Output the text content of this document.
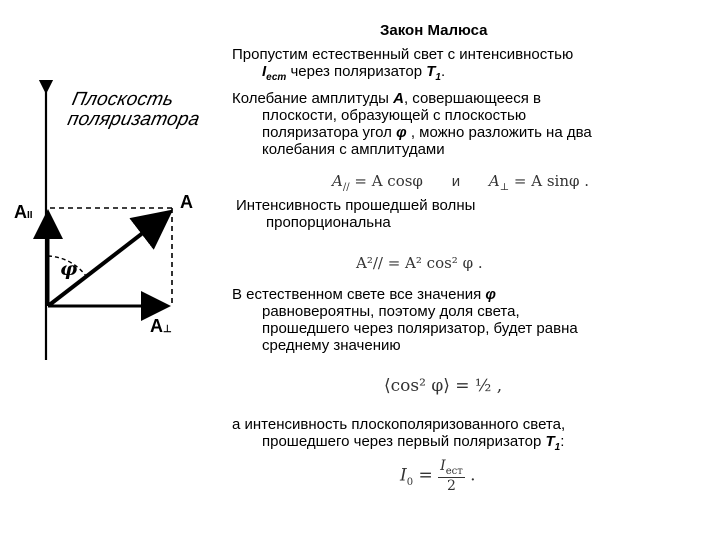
Плоскость
поляризатора
A
AII
A⊥
φ
Закон Малюса
Пропустим естественный свет с интенсивностью

$I_{ест}$ через поляризатор $T_1$.
Колебание амплитуды A, совершающееся в

плоскости, образующей с плоскостью
поляризатора угол φ , можно разложить на два
колебания с амплитудами
$A_{//} = A$ cosφ и $A_\perp = A$ sinφ .
Интенсивность прошедшей волны

пропорциональна
A²// = A² cos² φ .
В естественном свете все значения φ

равновероятны, поэтому доля света,
прошедшего через поляризатор, будет равна
среднему значению
⟨cos² φ⟩ = ½ ,
а интенсивность плоскополяризованного света,

прошедшего через первый поляризатор $T_1$:
$I_0 = \frac{I_{ест}}{2}$ .
